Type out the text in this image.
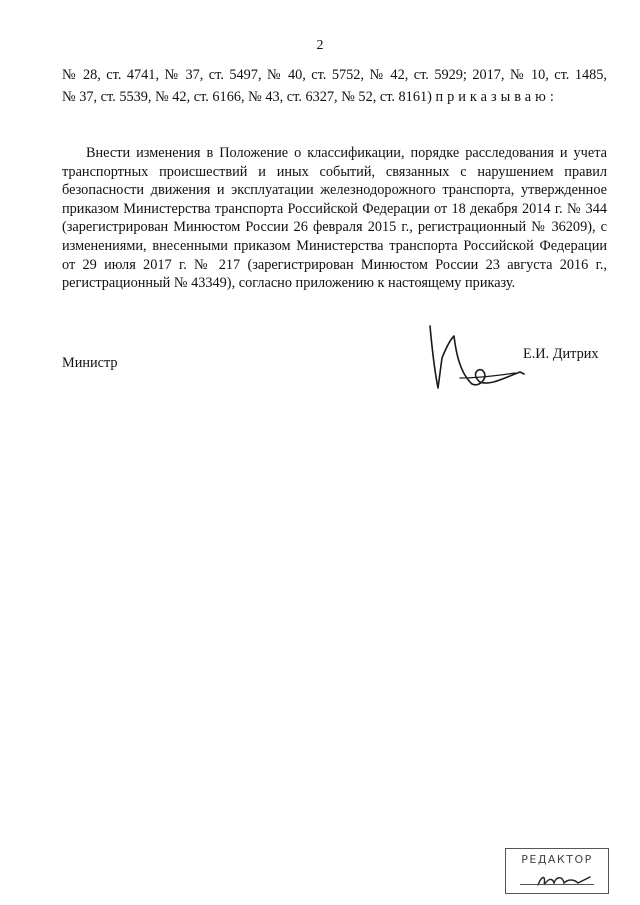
2
№ 28, ст. 4741, № 37, ст. 5497, № 40, ст. 5752, № 42, ст. 5929; 2017, № 10, ст. 1485,
№ 37, ст. 5539, № 42, ст. 6166, № 43, ст. 6327, № 52, ст. 8161) приказываю:
Внести изменения в Положение о классификации, порядке расследования и учета транспортных происшествий и иных событий, связанных с нарушением правил безопасности движения и эксплуатации железнодорожного транспорта, утвержденное приказом Министерства транспорта Российской Федерации от 18 декабря 2014 г. № 344 (зарегистрирован Минюстом России 26 февраля 2015 г., регистрационный № 36209), с изменениями, внесенными приказом Министерства транспорта Российской Федерации от 29 июля 2017 г. № 217 (зарегистрирован Минюстом России 23 августа 2016 г., регистрационный № 43349), согласно приложению к настоящему приказу.
Министр
Е.И. Дитрих
РЕДАКТОР
